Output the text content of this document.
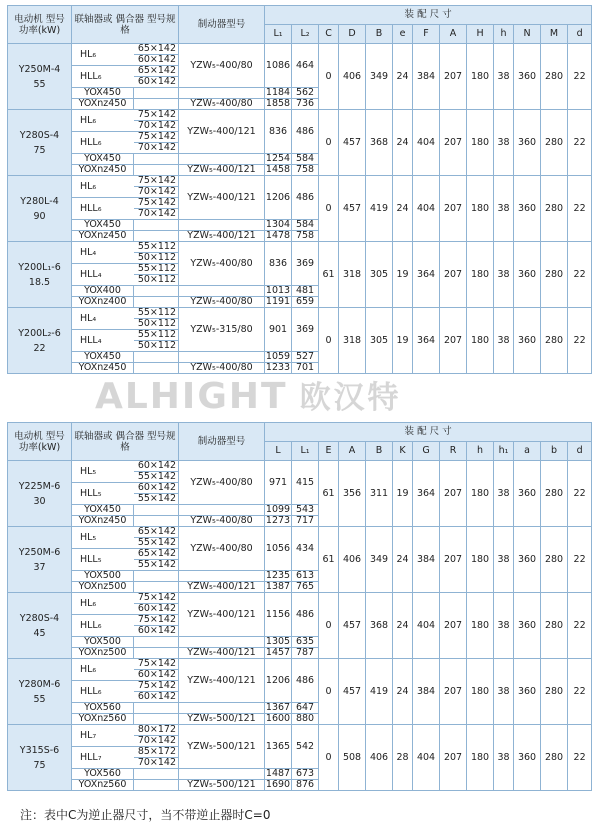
电动机 型号 功率(kW)	联轴器或 偶合器 型号规格		制动器型号	装 配 尺 寸												
				L₁	L₂	C	D	B	e	F	A	H	h	N	M	d

Y250M-4
55	HL₆	65×142	YZW₅-400/80	1086	464	0	406	349	24	384	207	180	38	360	280	22
		60×142														
	HLL₆	65×142														
		60×142														
	YOX450			1184	562											
	YOXnz450		YZW₅-400/80	1858	736											

Y280S-4
75	HL₆	75×142	YZW₅-400/121	836	486	0	457	368	24	404	207	180	38	360	280	22
		70×142														
	HLL₆	75×142														
		70×142														
	YOX450			1254	584											
	YOXnz450		YZW₅-400/121	1458	758											

Y280L-4
90	HL₆	75×142	YZW₅-400/121	1206	486	0	457	419	24	404	207	180	38	360	280	22
		70×142														
	HLL₆	75×142														
		70×142														
	YOX450			1304	584											
	YOXnz450		YZW₅-400/121	1478	758											

Y200L₁-6
18.5	HL₄	55×112	YZW₅-400/80	836	369	61	318	305	19	364	207	180	38	360	280	22
		50×112														
	HLL₄	55×112														
		50×112														
	YOX400			1013	481											
	YOXnz400		YZW₅-400/80	1191	659											

Y200L₂-6
22	HL₄	55×112	YZW₅-315/80	901	369	0	318	305	19	364	207	180	38	360	280	22
		50×112														
	HLL₄	55×112														
		50×112														
	YOX450			1059	527											
	YOXnz450		YZW₅-400/80	1233	701											
电动机 型号 功率(kW)	联轴器或 偶合器 型号规格		制动器型号	装 配 尺 寸												
				L	L₁	E	A	B	K	G	R	h	h₁	a	b	d

Y225M-6
30	HL₅	60×142	YZW₅-400/80	971	415	61	356	311	19	364	207	180	38	360	280	22
		55×142														
	HLL₅	60×142														
		55×142														
	YOX450			1099	543											
	YOXnz450		YZW₅-400/80	1273	717											

Y250M-6
37	HL₅	65×142	YZW₅-400/80	1056	434	61	406	349	24	384	207	180	38	360	280	22
		55×142														
	HLL₅	65×142														
		55×142														
	YOX500			1235	613											
	YOXnz500		YZW₅-400/121	1387	765											

Y280S-4
45	HL₆	75×142	YZW₅-400/121	1156	486	0	457	368	24	404	207	180	38	360	280	22
		60×142														
	HLL₆	75×142														
		60×142														
	YOX500			1305	635											
	YOXnz500		YZW₅-400/121	1457	787											

Y280M-6
55	HL₆	75×142	YZW₅-400/121	1206	486	0	457	419	24	384	207	180	38	360	280	22
		60×142														
	HLL₆	75×142														
		60×142														
	YOX560			1367	647											
	YOXnz560		YZW₅-500/121	1600	880											

Y315S-6
75	HL₇	80×172	YZW₅-500/121	1365	542	0	508	406	28	404	207	180	38	360	280	22
		70×142														
	HLL₇	85×172														
		70×142														
	YOX560			1487	673											
	YOXnz560		YZW₅-500/121	1690	876											
ALHIGHT 欧汉特
注：表中C为逆止器尺寸，当不带逆止器时C=0
